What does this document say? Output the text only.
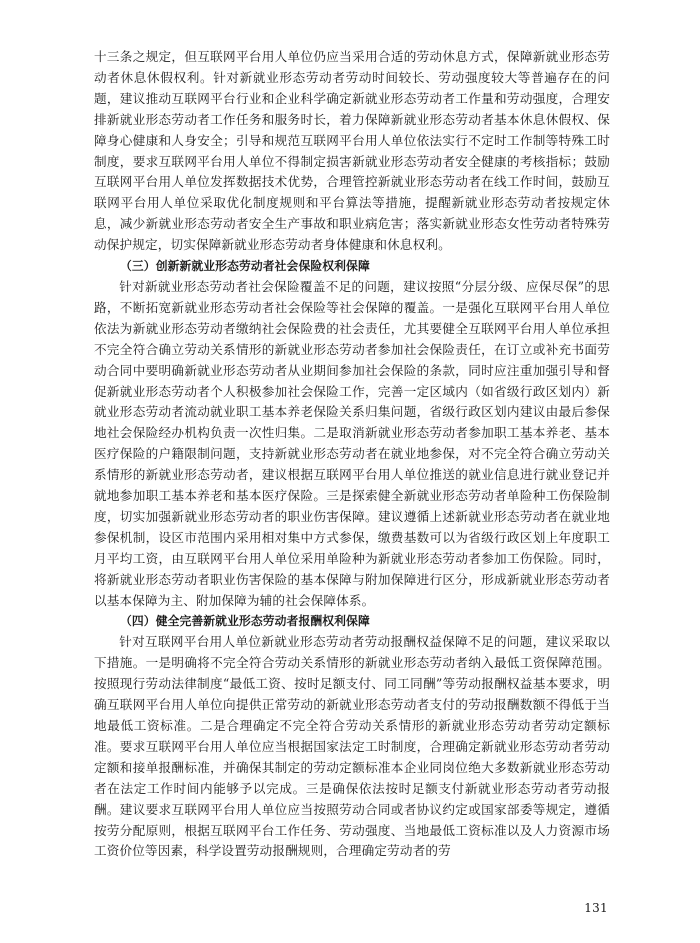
十三条之规定，但互联网平台用人单位仍应当采用合适的劳动休息方式，保障新就业形态劳动者休息休假权利。针对新就业形态劳动者劳动时间较长、劳动强度较大等普遍存在的问题，建议推动互联网平台行业和企业科学确定新就业形态劳动者工作量和劳动强度，合理安排新就业形态劳动者工作任务和服务时长，着力保障新就业形态劳动者基本休息休假权、保障身心健康和人身安全；引导和规范互联网平台用人单位依法实行不定时工作制等特殊工时制度，要求互联网平台用人单位不得制定损害新就业形态劳动者安全健康的考核指标；鼓励互联网平台用人单位发挥数据技术优势，合理管控新就业形态劳动者在线工作时间，鼓励互联网平台用人单位采取优化制度规则和平台算法等措施，提醒新就业形态劳动者按规定休息，减少新就业形态劳动者安全生产事故和职业病危害；落实新就业形态女性劳动者特殊劳动保护规定，切实保障新就业形态劳动者身体健康和休息权利。

（三）创新新就业形态劳动者社会保险权利保障

针对新就业形态劳动者社会保险覆盖不足的问题，建议按照“分层分级、应保尽保”的思路，不断拓宽新就业形态劳动者社会保险等社会保障的覆盖。一是强化互联网平台用人单位依法为新就业形态劳动者缴纳社会保险费的社会责任，尤其要健全互联网平台用人单位承担不完全符合确立劳动关系情形的新就业形态劳动者参加社会保险责任，在订立或补充书面劳动合同中要明确新就业形态劳动者从业期间参加社会保险的条款，同时应注重加强引导和督促新就业形态劳动者个人积极参加社会保险工作，完善一定区域内（如省级行政区划内）新就业形态劳动者流动就业职工基本养老保险关系归集问题，省级行政区划内建议由最后参保地社会保险经办机构负责一次性归集。二是取消新就业形态劳动者参加职工基本养老、基本医疗保险的户籍限制问题，支持新就业形态劳动者在就业地参保，对不完全符合确立劳动关系情形的新就业形态劳动者，建议根据互联网平台用人单位推送的就业信息进行就业登记并就地参加职工基本养老和基本医疗保险。三是探索健全新就业形态劳动者单险种工伤保险制度，切实加强新就业形态劳动者的职业伤害保障。建议遵循上述新就业形态劳动者在就业地参保机制，设区市范围内采用相对集中方式参保，缴费基数可以为省级行政区划上年度职工月平均工资，由互联网平台用人单位采用单险种为新就业形态劳动者参加工伤保险。同时，将新就业形态劳动者职业伤害保险的基本保障与附加保障进行区分，形成新就业形态劳动者以基本保障为主、附加保障为辅的社会保障体系。

（四）健全完善新就业形态劳动者报酬权利保障

针对互联网平台用人单位新就业形态劳动者劳动报酬权益保障不足的问题，建议采取以下措施。一是明确将不完全符合劳动关系情形的新就业形态劳动者纳入最低工资保障范围。按照现行劳动法律制度“最低工资、按时足额支付、同工同酬”等劳动报酬权益基本要求，明确互联网平台用人单位向提供正常劳动的新就业形态劳动者支付的劳动报酬数额不得低于当地最低工资标准。二是合理确定不完全符合劳动关系情形的新就业形态劳动者劳动定额标准。要求互联网平台用人单位应当根据国家法定工时制度，合理确定新就业形态劳动者劳动定额和接单报酬标准，并确保其制定的劳动定额标准本企业同岗位绝大多数新就业形态劳动者在法定工作时间内能够予以完成。三是确保依法按时足额支付新就业形态劳动者劳动报酬。建议要求互联网平台用人单位应当按照劳动合同或者协议约定或国家部委等规定，遵循按劳分配原则，根据互联网平台工作任务、劳动强度、当地最低工资标准以及人力资源市场工资价位等因素，科学设置劳动报酬规则，合理确定劳动者的劳

131
